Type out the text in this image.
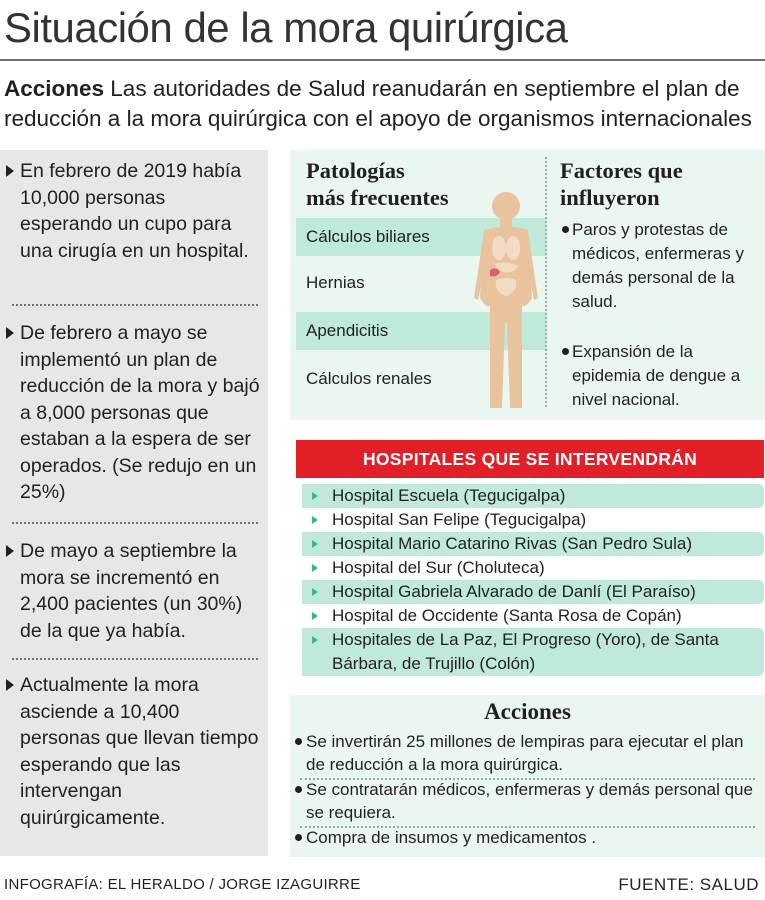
Situación de la mora quirúrgica
Acciones Las autoridades de Salud reanudarán en septiembre el plan de reducción a la mora quirúrgica con el apoyo de organismos internacionales
En febrero de 2019 había 10,000 personas esperando un cupo para una cirugía en un hospital.
De febrero a mayo se implementó un plan de reducción de la mora y bajó a 8,000 personas que estaban a la espera de ser operados. (Se redujo en un 25%)
De mayo a septiembre la mora se incrementó en 2,400 pacientes (un 30%) de la que ya había.
Actualmente la mora asciende a 10,400 personas que llevan tiempo esperando que las intervengan quirúrgicamente.
Patologías
más frecuentes
Cálculos biliares
Hernias
Apendicitis
Cálculos renales
Factores que
influyeron
Paros y protestas de médicos, enfermeras y demás personal de la salud.
Expansión de la epidemia de dengue a nivel nacional.
HOSPITALES QUE SE INTERVENDRÁN
Hospital Escuela (Tegucigalpa)
Hospital San Felipe (Tegucigalpa)
Hospital Mario Catarino Rivas (San Pedro Sula)
Hospital del Sur (Choluteca)
Hospital Gabriela Alvarado de Danlí (El Paraíso)
Hospital de Occidente (Santa Rosa de Copán)
Hospitales de La Paz, El Progreso (Yoro), de Santa Bárbara, de Trujillo (Colón)
Acciones
Se invertirán 25 millones de lempiras para ejecutar el plan de reducción a la mora quirúrgica.
Se contratarán médicos, enfermeras y demás personal que se requiera.
Compra de insumos y medicamentos .
INFOGRAFÍA: EL HERALDO / JORGE IZAGUIRRE	FUENTE: SALUD
